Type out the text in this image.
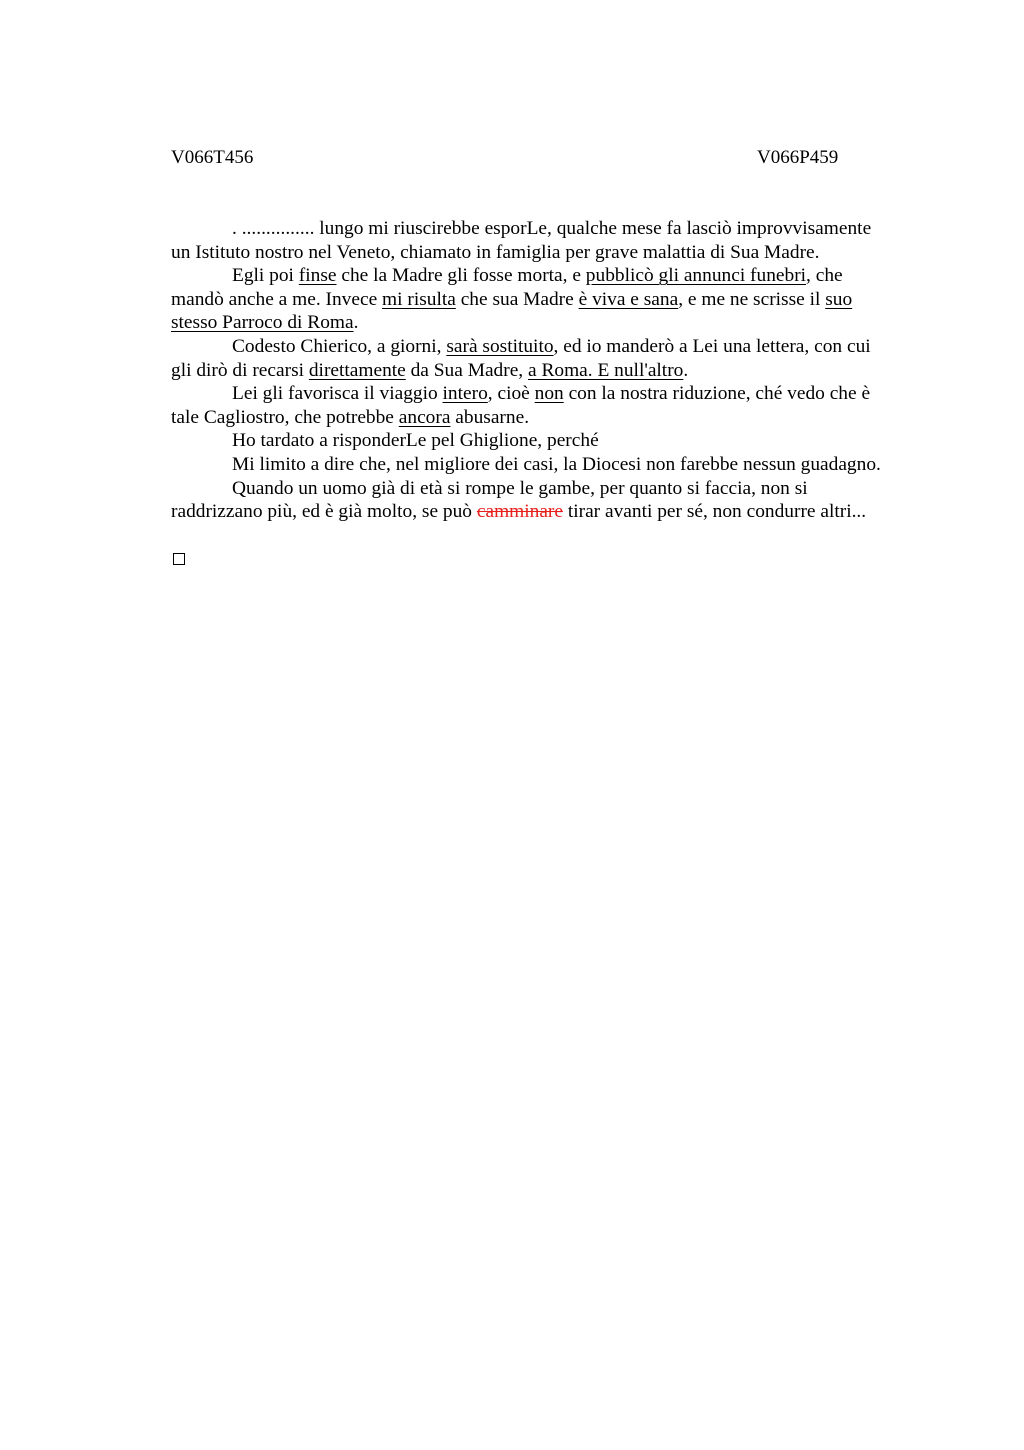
V066T456	V066P459

. ............... lungo mi riuscirebbe esporLe, qualche mese fa lasciò improvvisamente
un Istituto nostro nel Veneto, chiamato in famiglia per grave malattia di Sua Madre.

Egli poi finse che la Madre gli fosse morta, e pubblicò gli annunci funebri, che
mandò anche a me. Invece mi risulta che sua Madre è viva e sana, e me ne scrisse il suo
stesso Parroco di Roma.

Codesto Chierico, a giorni, sarà sostituito, ed io manderò a Lei una lettera, con cui
gli dirò di recarsi direttamente da Sua Madre, a Roma. E null'altro.

Lei gli favorisca il viaggio intero, cioè non con la nostra riduzione, ché vedo che è
tale Cagliostro, che potrebbe ancora abusarne.

Ho tardato a risponderLe pel Ghiglione, perché

Mi limito a dire che, nel migliore dei casi, la Diocesi non farebbe nessun guadagno.

Quando un uomo già di età si rompe le gambe, per quanto si faccia, non si
raddrizzano più, ed è già molto, se può camminare tirar avanti per sé, non condurre altri...
